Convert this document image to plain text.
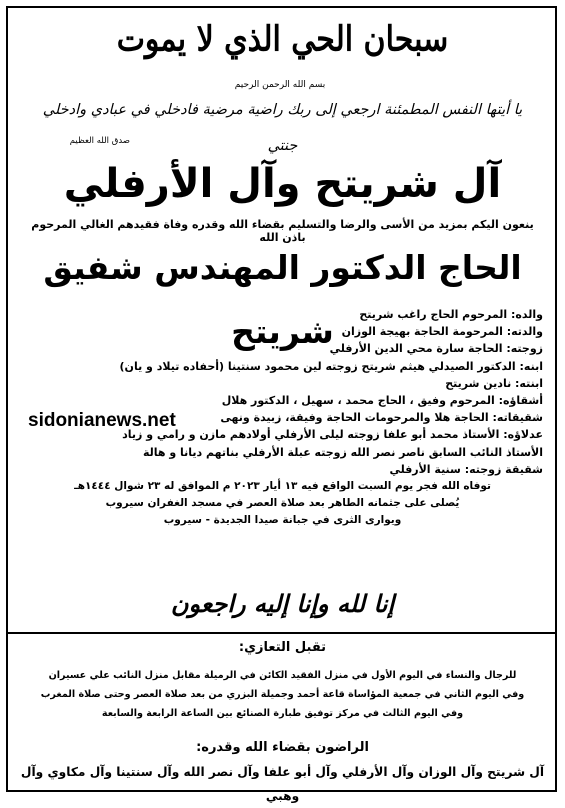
سبحان الحي الذي لا يموت
بسم الله الرحمن الرحيم
يا أيتها النفس المطمئنة ارجعي إلى ربك راضية مرضية فادخلي في عبادي وادخلي جنتي
صدق الله العظيم
آل شريتح وآل الأرفلي
ينعون اليكم بمزيد من الأسى والرضا والتسليم بقضاء الله وقدره وفاة فقيدهم الغالي المرحوم باذن الله
الحاج الدكتور المهندس شفيق شريتح	والده: المرحوم الحاج راغب شريتح
والدته: المرحومة الحاجة بهيجة الوزان
زوجته: الحاجة سارة محي الدين الأرفلي
ابنه: الدكتور الصيدلي هيثم شريتح زوجته لين محمود سنتينا (أحفاده تيلاد و يان)
ابنته: نادين شريتح
أشقاؤه: المرحوم وفيق ، الحاج محمد ، سهيل ، الدكتور هلال
شقيقاته: الحاجة هلا والمرحومات الحاجة وفيقة، زبيدة ونهى
عدلاؤه: الأستاذ محمد أبو علفا زوجته ليلى الأرفلي أولادهم مازن و رامي و زياد
الأستاذ النائب السابق ناصر نصر الله زوجته عبلة الأرفلي بناتهم ديانا و هالة
شقيقة زوجته: سنية الأرفلي
sidonianews.net
توفاه الله فجر يوم السبت الواقع فيه ١٣ أيار ٢٠٢٣ م الموافق له ٢٣ شوال ١٤٤٤هـ
يُصلى على جثمانه الطاهر بعد صلاة العصر في مسجد الغفران سيروب
ويوارى الثرى في جبانة صيدا الجديدة - سيروب
إنا لله وإنا إليه راجعون
تقبل التعازي:
للرجال والنساء في اليوم الأول في منزل الفقيد الكائن في الرميلة مقابل منزل النائب علي عسيران
وفي اليوم الثاني في جمعية المؤاساة قاعة أحمد وجميلة البزري من بعد صلاة العصر وحتى صلاة المغرب
وفي اليوم الثالث في مركز توفيق طبارة الصنائع بين الساعة الرابعة والسابعة
الراضون بقضاء الله وقدره:
آل شريتح وآل الوزان وآل الأرفلي وآل أبو علفا وآل نصر الله وآل سنتينا وآل مكاوي وآل وهبي
